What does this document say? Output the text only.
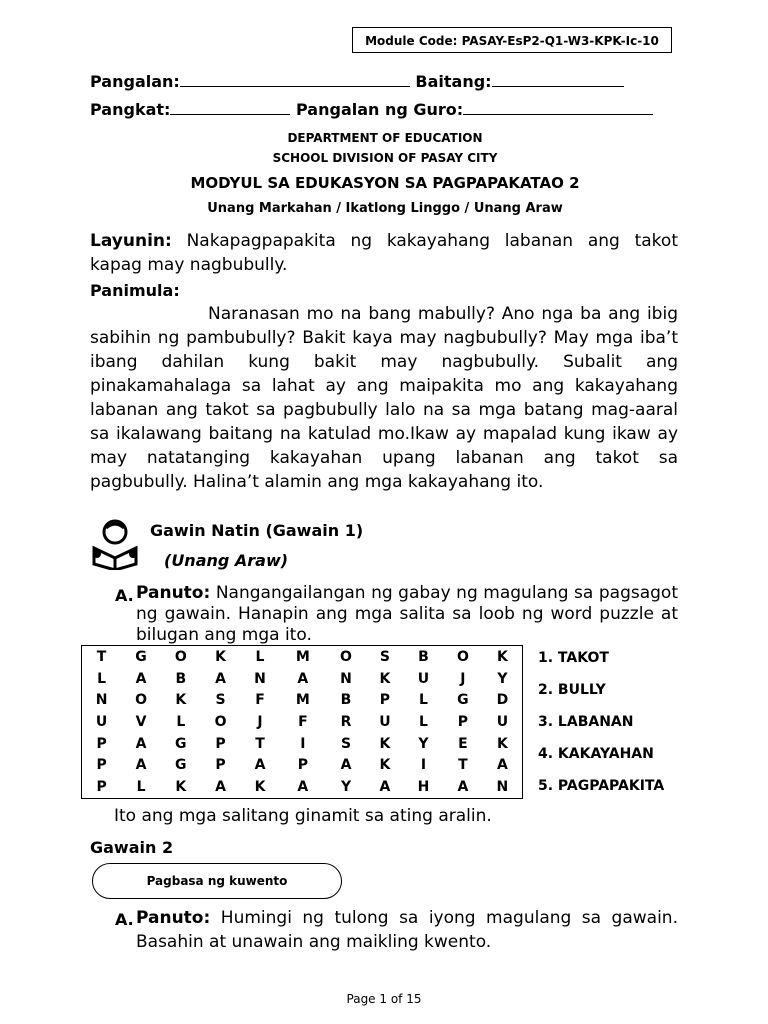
Module Code: PASAY-EsP2-Q1-W3-KPK-Ic-10
Pangalan:	Baitang:
Pangkat:	Pangalan ng Guro:
DEPARTMENT OF EDUCATION
SCHOOL DIVISION OF PASAY CITY
MODYUL SA EDUKASYON SA PAGPAPAKATAO 2
Unang Markahan / Ikatlong Linggo / Unang Araw
Layunin: Nakapagpapakita ng kakayahang labanan ang takot kapag may nagbubully.
Panimula:
Naranasan mo na bang mabully? Ano nga ba ang ibig sabihin ng pambubully? Bakit kaya may nagbubully? May mga iba’t ibang dahilan kung bakit may nagbubully. Subalit ang pinakamahalaga sa lahat ay ang maipakita mo ang kakayahang labanan ang takot sa pagbubully lalo na sa mga batang mag-aaral sa ikalawang baitang na katulad mo.Ikaw ay mapalad kung ikaw ay may natatanging kakayahan upang labanan ang takot sa pagbubully. Halina’t alamin ang mga kakayahang ito.
Gawin Natin (Gawain 1)
(Unang Araw)
A. Panuto: Nangangailangan ng gabay ng magulang sa pagsagot ng gawain. Hanapin ang mga salita sa loob ng word puzzle at bilugan ang mga ito.
T	G	O	K	L	M	O	S	B	O	K
L	A	B	A	N	A	N	K	U	J	Y
N	O	K	S	F	M	B	P	L	G	D
U	V	L	O	J	F	R	U	L	P	U
P	A	G	P	T	I	S	K	Y	E	K
P	A	G	P	A	P	A	K	I	T	A
P	L	K	A	K	A	Y	A	H	A	N
1. TAKOT
2. BULLY
3. LABANAN
4. KAKAYAHAN
5. PAGPAPAKITA
Ito ang mga salitang ginamit sa ating aralin.
Gawain 2
Pagbasa ng kuwento
A. Panuto: Humingi ng tulong sa iyong magulang sa gawain. Basahin at unawain ang maikling kwento.
Page 1 of 15
